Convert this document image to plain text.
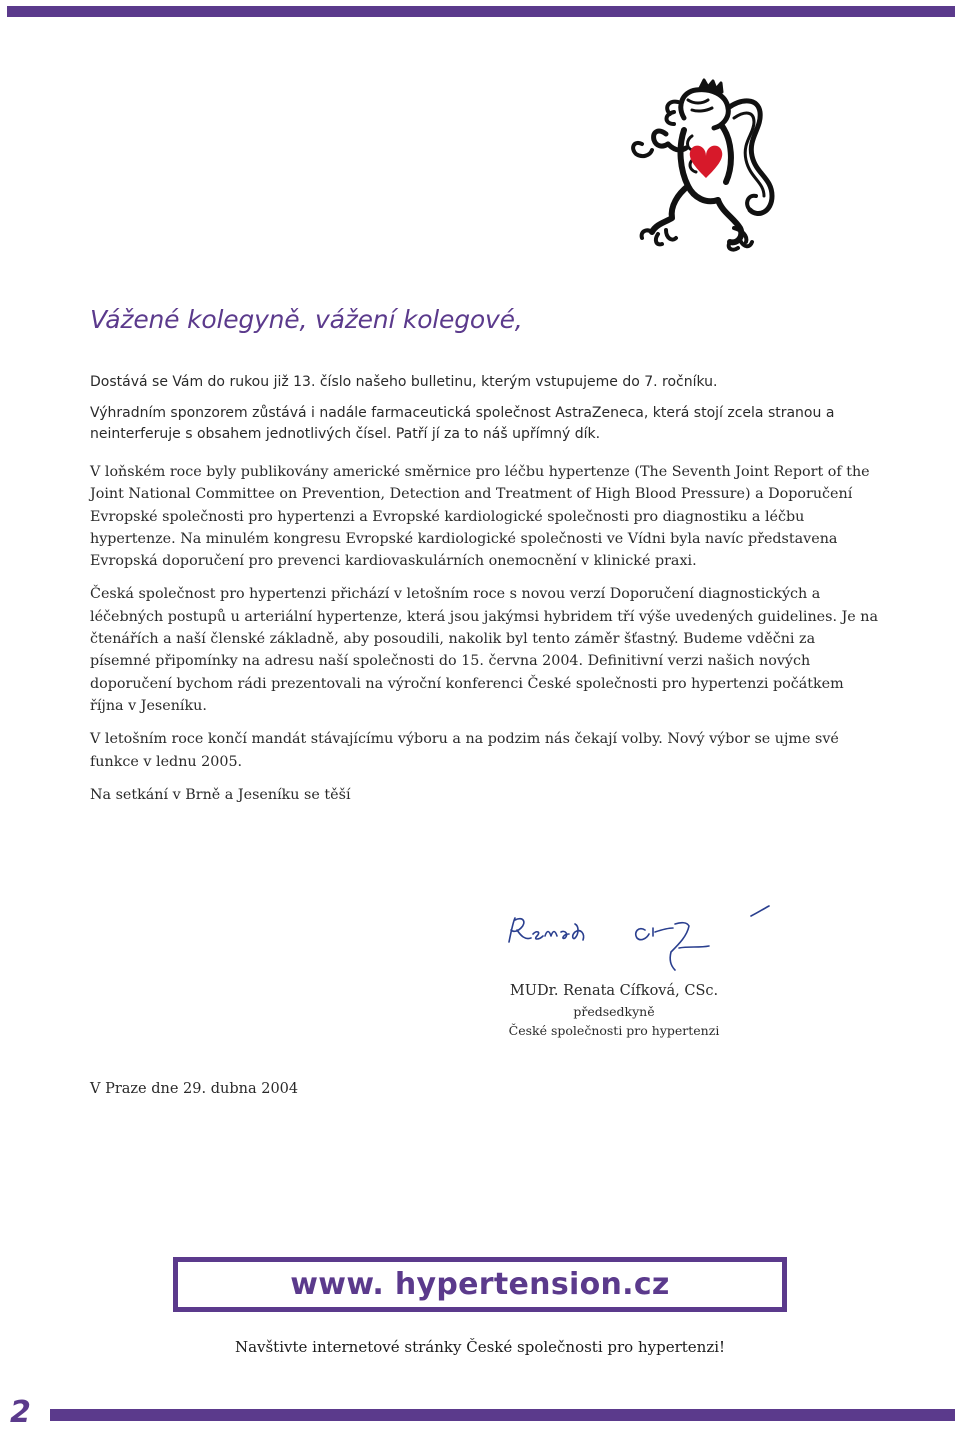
Vážené kolegyně, vážení kolegové,

Dostává se Vám do rukou již 13. číslo našeho bulletinu, kterým vstupujeme do 7. ročníku.

Výhradním sponzorem zůstává i nadále farmaceutická společnost AstraZeneca, která stojí zcela stranou a neinterferuje s obsahem jednotlivých čísel. Patří jí za to náš upřímný dík.

V loňském roce byly publikovány americké směrnice pro léčbu hypertenze (The Seventh Joint Report of the Joint National Committee on Prevention, Detection and Treatment of High Blood Pressure) a Doporučení Evropské společnosti pro hypertenzi a Evropské kardiologické společnosti pro diagnostiku a léčbu hypertenze. Na minulém kongresu Evropské kardiologické společnosti ve Vídni byla navíc představena Evropská doporučení pro prevenci kardiovaskulárních onemocnění v klinické praxi.

Česká společnost pro hypertenzi přichází v letošním roce s novou verzí Doporučení diagnostických a léčebných postupů u arteriální hypertenze, která jsou jakýmsi hybridem tří výše uvedených guidelines. Je na čtenářích a naší členské základně, aby posoudili, nakolik byl tento záměr šťastný. Budeme vděčni za písemné připomínky na adresu naší společnosti do 15. června 2004. Definitivní verzi našich nových doporučení bychom rádi prezentovali na výroční konferenci České společnosti pro hypertenzi počátkem října v Jeseníku.

V letošním roce končí mandát stávajícímu výboru a na podzim nás čekají volby. Nový výbor se ujme své funkce v lednu 2005.

Na setkání v Brně a Jeseníku se těší

MUDr. Renata Cífková, CSc.
předsedkyně
České společnosti pro hypertenzi
V Praze dne 29. dubna 2004
www. hypertension.cz
Navštivte internetové stránky České společnosti pro hypertenzi!
2
